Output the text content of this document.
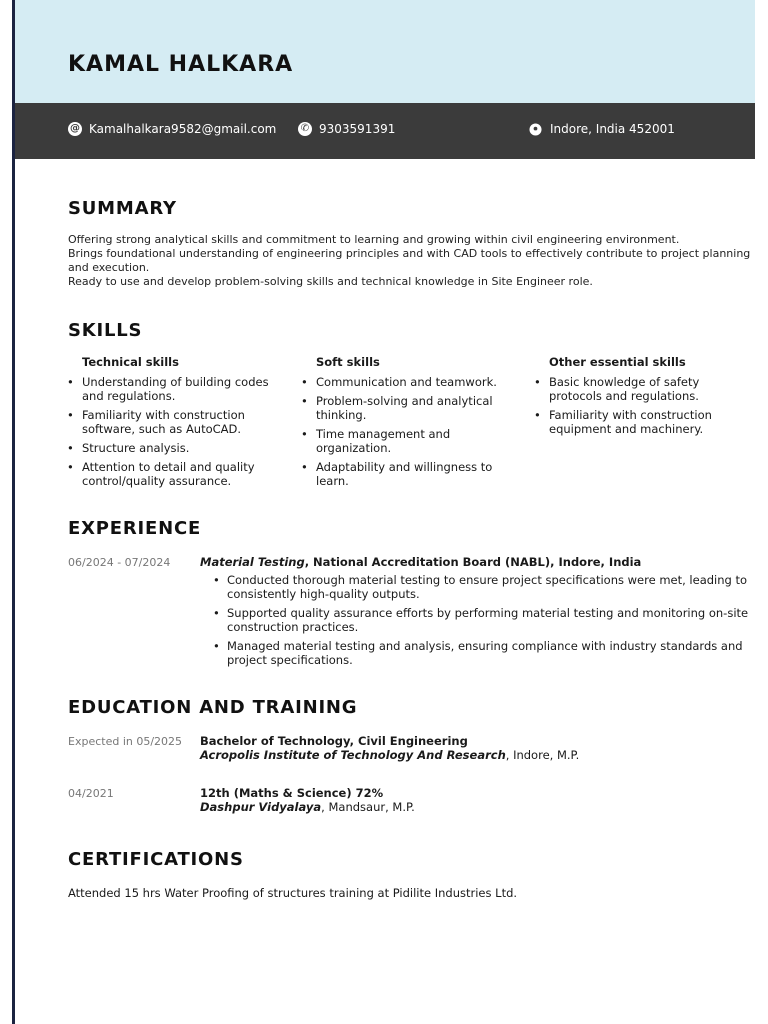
KAMAL HALKARA
@ Kamalhalkara9582@gmail.com ✆ 9303591391	Indore, India 452001
SUMMARY
Offering strong analytical skills and commitment to learning and growing within civil engineering environment.
Brings foundational understanding of engineering principles and with CAD tools to effectively contribute to project planning
and execution.
Ready to use and develop problem-solving skills and technical knowledge in Site Engineer role.
SKILLS
Technical skills
• Understanding of building codes and regulations.
• Familiarity with construction software, such as AutoCAD.
• Structure analysis.
• Attention to detail and quality control/quality assurance.
Soft skills
• Communication and teamwork.
• Problem-solving and analytical thinking.
• Time management and organization.
• Adaptability and willingness to learn.
Other essential skills
• Basic knowledge of safety protocols and regulations.
• Familiarity with construction equipment and machinery.
EXPERIENCE
06/2024 - 07/2024	Material Testing, National Accreditation Board (NABL), Indore, India
• Conducted thorough material testing to ensure project specifications were met, leading to consistently high-quality outputs.
• Supported quality assurance efforts by performing material testing and monitoring on-site construction practices.
• Managed material testing and analysis, ensuring compliance with industry standards and project specifications.
EDUCATION AND TRAINING
Expected in 05/2025 Bachelor of Technology, Civil Engineering
Acropolis Institute of Technology And Research, Indore, M.P.
04/2021	12th (Maths & Science) 72%
Dashpur Vidyalaya, Mandsaur, M.P.
CERTIFICATIONS
Attended 15 hrs Water Proofing of structures training at Pidilite Industries Ltd.
